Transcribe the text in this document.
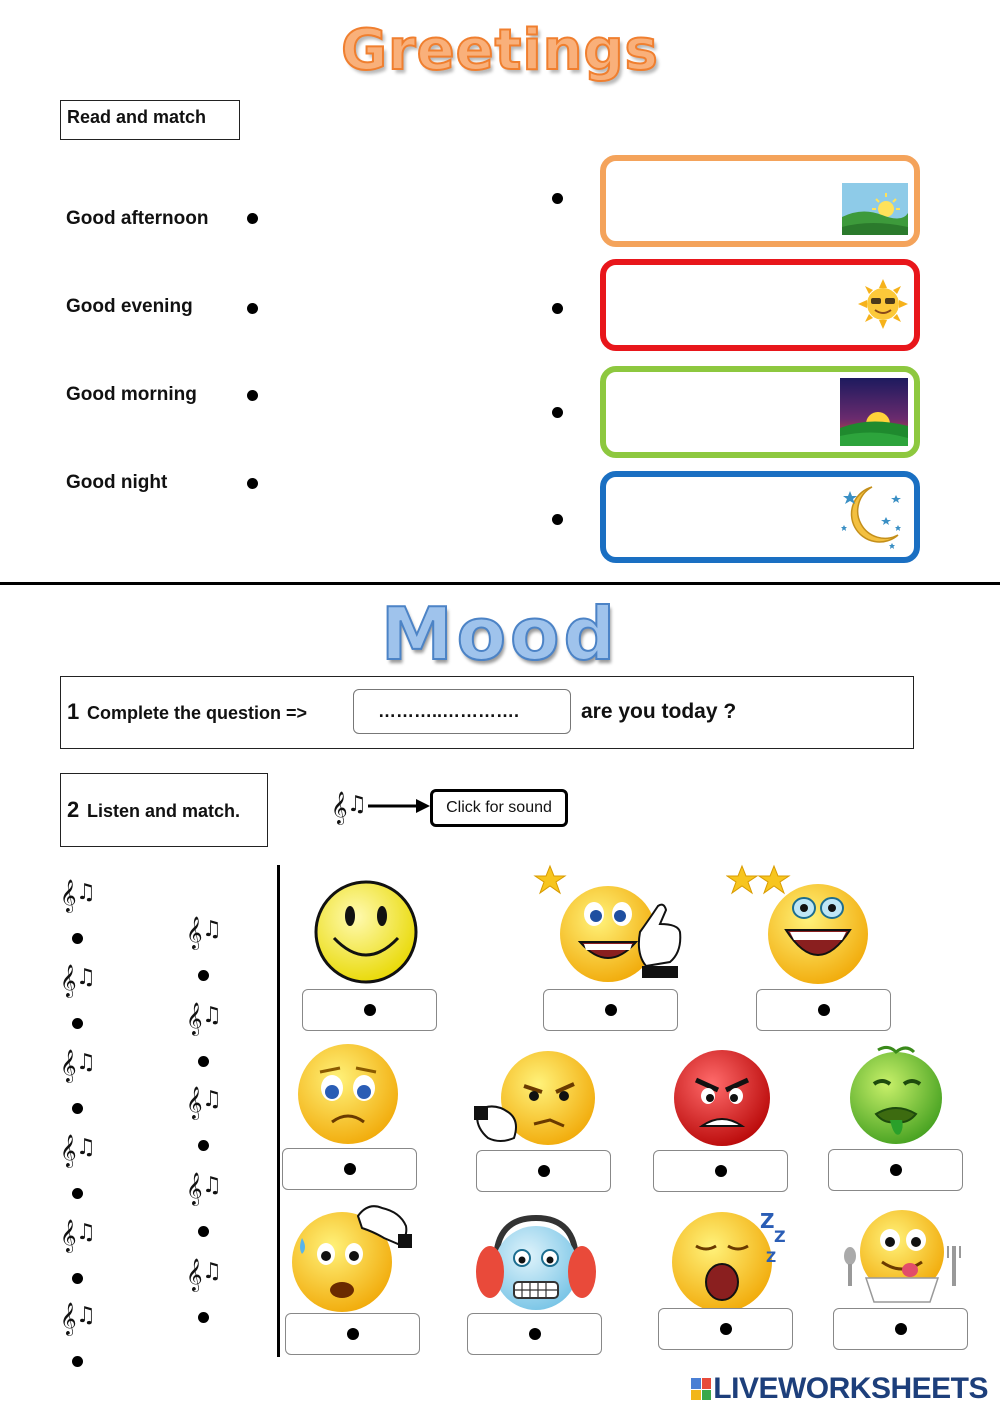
Greetings
Read and match
Good afternoon
Good evening
Good morning
Good night
Mood
1 Complete the question =>	………..………….	are you today ?
2 Listen and match.	𝄞 ♫	Click for sound
Z
Z
Z
LIVEWORKSHEETS
𝄞 ♫
𝄞 ♫
𝄞 ♫
𝄞 ♫
𝄞 ♫
𝄞 ♫
𝄞 ♫
𝄞 ♫
𝄞 ♫
𝄞 ♫
𝄞 ♫
